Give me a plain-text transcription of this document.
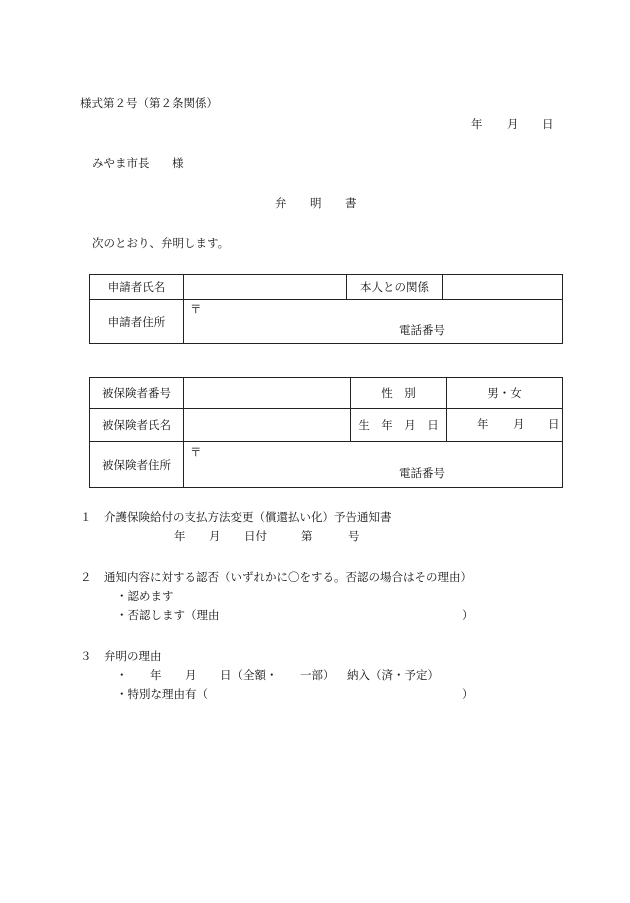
様式第２号（第２条関係）
年 月 日
みやま市長 様
弁 明 書
次のとおり、弁明します。
申請者氏名		本人との関係	
申請者住所	〒
電話番号		
被保険者番号		性　別	男・女
被保険者氏名		生　年　月　日	年 月 日

被保険者住所	〒
電話番号		
１ 介護保険給付の支払方法変更（償還払い化）予告通知書
年 月 日付	第	号
２ 通知内容に対する認否（いずれかに〇をする。否認の場合はその理由）
・認めます
・否認します（理由	）
３ 弁明の理由
・ 年 月 日（全額・ 一部） 納入（済・予定）
・特別な理由有（	）
